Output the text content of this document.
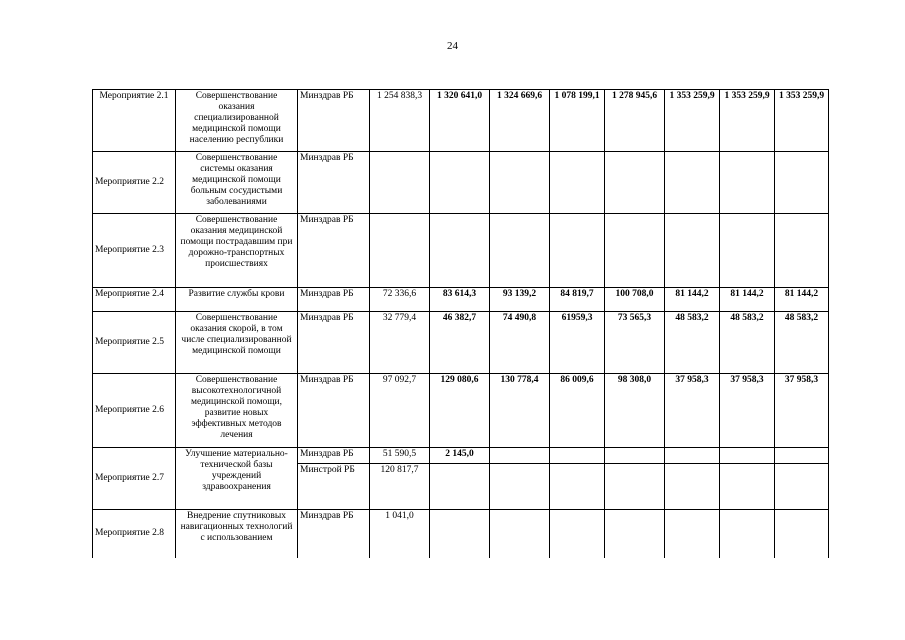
24
Мероприятие 2.1	Совершенствование оказания специализированной медицинской помощи населению республики	Минздрав РБ	1 254 838,3	1 320 641,0	1 324 669,6	1 078 199,1	1 278 945,6	1 353 259,9	1 353 259,9	1 353 259,9
Мероприятие 2.2	Совершенствование системы оказания медицинской помощи больным сосудистыми заболеваниями	Минздрав РБ								
Мероприятие 2.3	Совершенствование оказания медицинской помощи пострадавшим при дорожно-транспортных происшествиях	Минздрав РБ								
Мероприятие 2.4	Развитие службы крови	Минздрав РБ	72 336,6	83 614,3	93 139,2	84 819,7	100 708,0	81 144,2	81 144,2	81 144,2
Мероприятие 2.5	Совершенствование оказания скорой, в том числе специализированной медицинской помощи	Минздрав РБ	32 779,4	46 382,7	74 490,8	61959,3	73 565,3	48 583,2	48 583,2	48 583,2
Мероприятие 2.6	Совершенствование высокотехнологичной медицинской помощи, развитие новых эффективных методов лечения	Минздрав РБ	97 092,7	129 080,6	130 778,4	86 009,6	98 308,0	37 958,3	37 958,3	37 958,3
Мероприятие 2.7	Улучшение материально-технической базы учреждений здравоохранения	Минздрав РБ	51 590,5	2 145,0						
		Минстрой РБ	120 817,7							
Мероприятие 2.8	Внедрение спутниковых навигационных технологий с использованием	Минздрав РБ	1 041,0							
